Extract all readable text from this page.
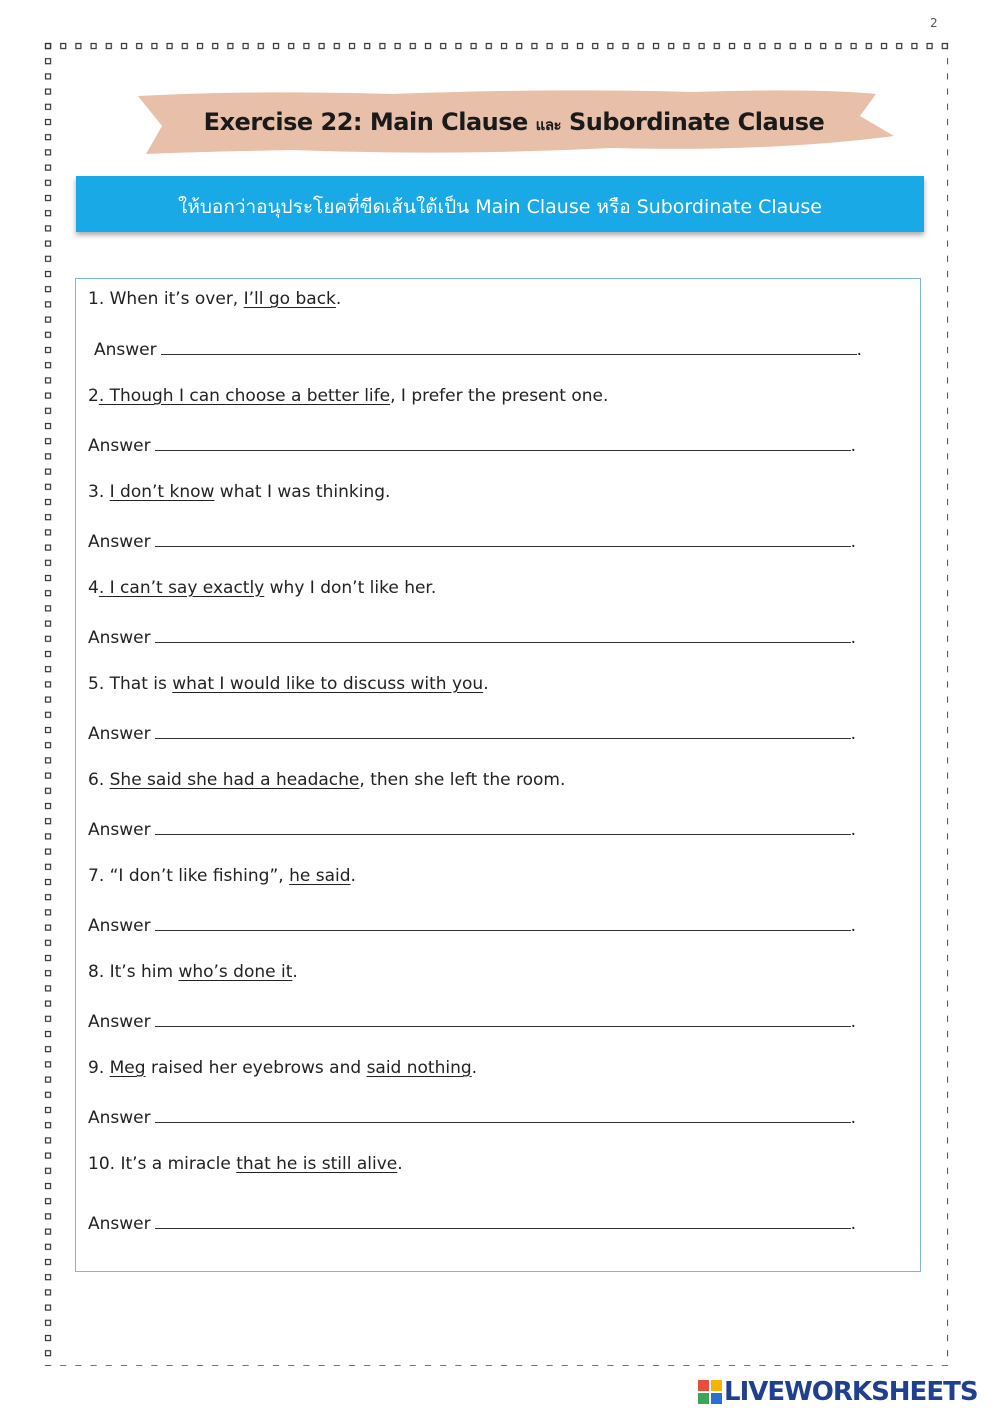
2
Exercise 22: Main Clause และ Subordinate Clause
ให้บอกว่าอนุประโยคที่ขีดเส้นใต้เป็น Main Clause หรือ Subordinate Clause
1. When it’s over, I’ll go back.
Answer	.
2. Though I can choose a better life, I prefer the present one.
Answer	.
3. I don’t know what I was thinking.
Answer	.
4. I can’t say exactly why I don’t like her.
Answer	.
5. That is what I would like to discuss with you.
Answer	.
6. She said she had a headache, then she left the room.
Answer	.
7. “I don’t like fishing”, he said.
Answer	.
8. It’s him who’s done it.
Answer	.
9. Meg raised her eyebrows and said nothing.
Answer	.
10. It’s a miracle that he is still alive.
Answer	.
LIVEWORKSHEETS
